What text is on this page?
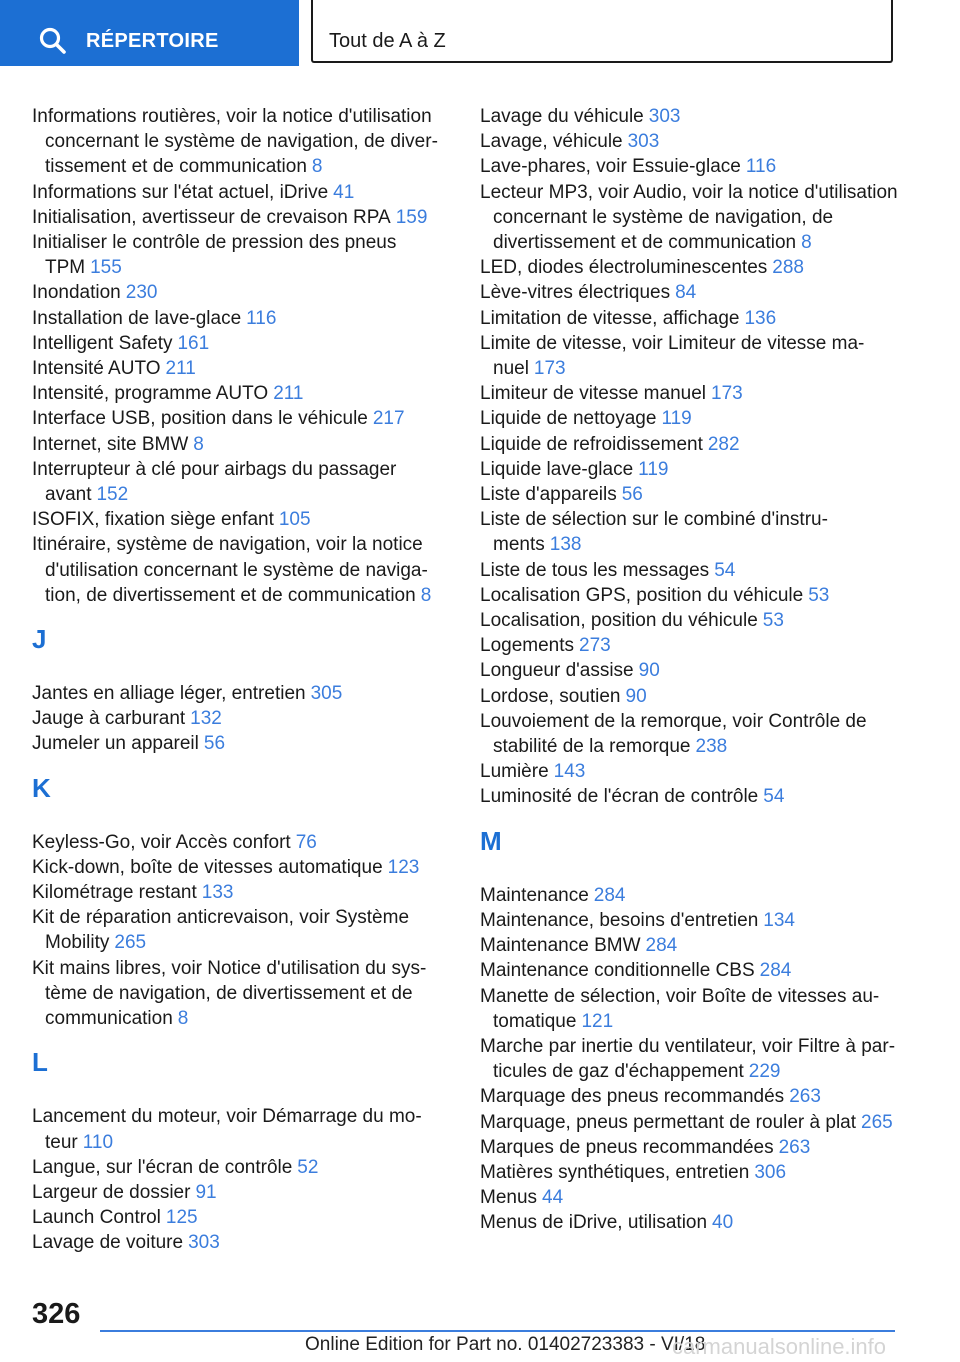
RÉPERTOIRE	Tout de A à Z
Informations routières, voir la notice d'utilisation concernant le système de navigation, de divertissement et de communication 8
Informations sur l'état actuel, iDrive 41
Initialisation, avertisseur de crevaison RPA 159
Initialiser le contrôle de pression des pneus TPM 155
Inondation 230
Installation de lave-glace 116
Intelligent Safety 161
Intensité AUTO 211
Intensité, programme AUTO 211
Interface USB, position dans le véhicule 217
Internet, site BMW 8
Interrupteur à clé pour airbags du passager avant 152
ISOFIX, fixation siège enfant 105
Itinéraire, système de navigation, voir la notice d'utilisation concernant le système de navigation, de divertissement et de communication 8
J
Jantes en alliage léger, entretien 305
Jauge à carburant 132
Jumeler un appareil 56
K
Keyless-Go, voir Accès confort 76
Kick-down, boîte de vitesses automatique 123
Kilométrage restant 133
Kit de réparation anticrevaison, voir Système Mobility 265
Kit mains libres, voir Notice d'utilisation du système de navigation, de divertissement et de communication 8
L
Lancement du moteur, voir Démarrage du moteur 110
Langue, sur l'écran de contrôle 52
Largeur de dossier 91
Launch Control 125
Lavage de voiture 303
Lavage du véhicule 303
Lavage, véhicule 303
Lave-phares, voir Essuie-glace 116
Lecteur MP3, voir Audio, voir la notice d'utilisation concernant le système de navigation, de divertissement et de communication 8
LED, diodes électroluminescentes 288
Lève-vitres électriques 84
Limitation de vitesse, affichage 136
Limite de vitesse, voir Limiteur de vitesse manuel 173
Limiteur de vitesse manuel 173
Liquide de nettoyage 119
Liquide de refroidissement 282
Liquide lave-glace 119
Liste d'appareils 56
Liste de sélection sur le combiné d'instruments 138
Liste de tous les messages 54
Localisation GPS, position du véhicule 53
Localisation, position du véhicule 53
Logements 273
Longueur d'assise 90
Lordose, soutien 90
Louvoiement de la remorque, voir Contrôle de stabilité de la remorque 238
Lumière 143
Luminosité de l'écran de contrôle 54
M
Maintenance 284
Maintenance, besoins d'entretien 134
Maintenance BMW 284
Maintenance conditionnelle CBS 284
Manette de sélection, voir Boîte de vitesses automatique 121
Marche par inertie du ventilateur, voir Filtre à particules de gaz d'échappement 229
Marquage des pneus recommandés 263
Marquage, pneus permettant de rouler à plat 265
Marques de pneus recommandées 263
Matières synthétiques, entretien 306
Menus 44
Menus de iDrive, utilisation 40
326
Online Edition for Part no. 01402723383 - VI/18
carmanualsonline.info
